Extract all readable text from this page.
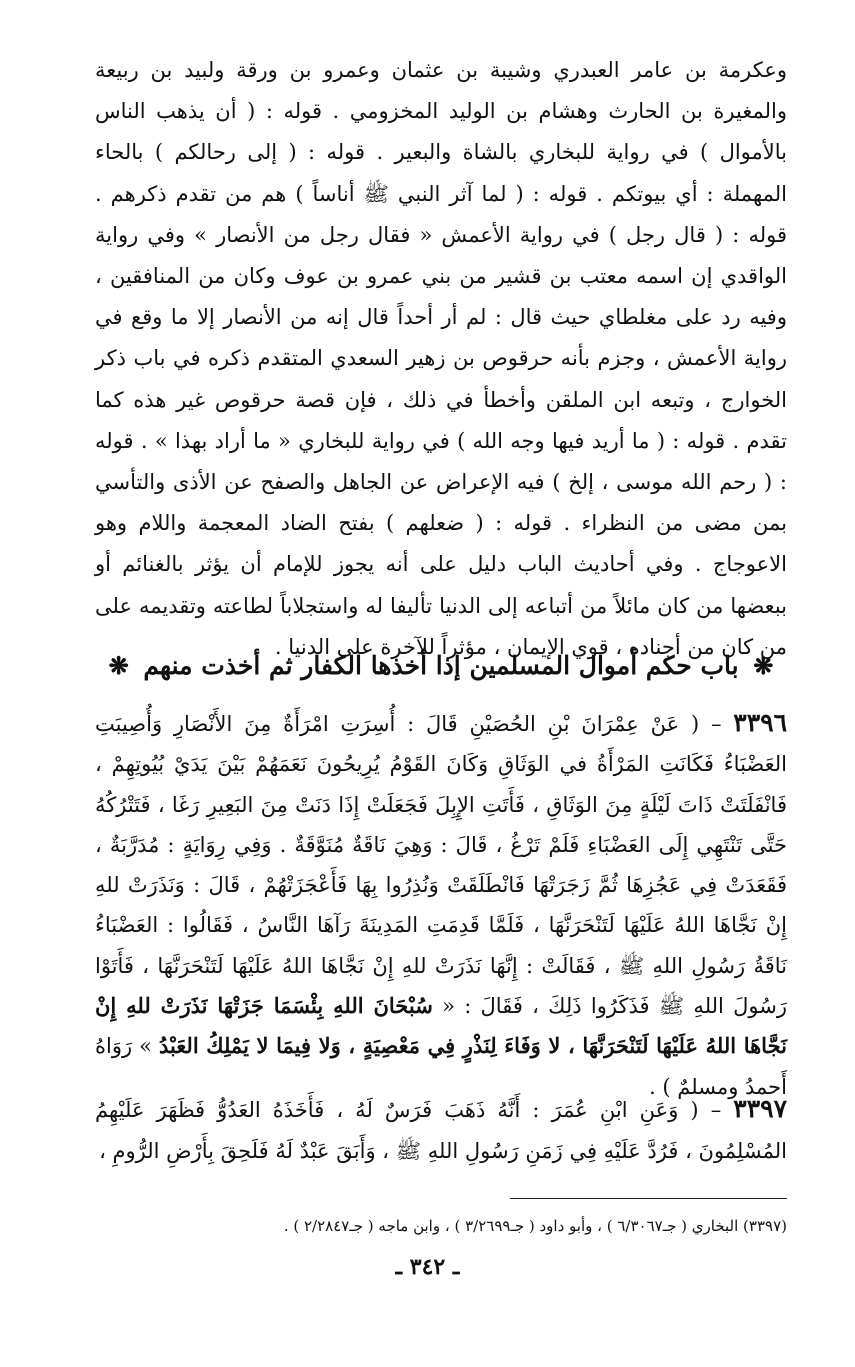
وعكرمة بن عامر العبدري وشيبة بن عثمان وعمرو بن ورقة ولبيد بن ربيعة والمغيرة بن الحارث وهشام بن الوليد المخزومي . قوله : ( أن يذهب الناس بالأموال ) في رواية للبخاري بالشاة والبعير . قوله : ( إلى رحالكم ) بالحاء المهملة : أي بيوتكم . قوله : ( لما آثر النبي ﷺ أناساً ) هم من تقدم ذكرهم . قوله : ( قال رجل ) في رواية الأعمش « فقال رجل من الأنصار » وفي رواية الواقدي إن اسمه معتب بن قشير من بني عمرو بن عوف وكان من المنافقين ، وفيه رد على مغلطاي حيث قال : لم أر أحداً قال إنه من الأنصار إلا ما وقع في رواية الأعمش ، وجزم بأنه حرقوص بن زهير السعدي المتقدم ذكره في باب ذكر الخوارج ، وتبعه ابن الملقن وأخطأ في ذلك ، فإن قصة حرقوص غير هذه كما تقدم . قوله : ( ما أريد فيها وجه الله ) في رواية للبخاري « ما أراد بهذا » . قوله : ( رحم الله موسى ، إلخ ) فيه الإعراض عن الجاهل والصفح عن الأذى والتأسي بمن مضى من النظراء . قوله : ( ضعلهم ) بفتح الضاد المعجمة واللام وهو الاعوجاج . وفي أحاديث الباب دليل على أنه يجوز للإمام أن يؤثر بالغنائم أو ببعضها من كان مائلاً من أتباعه إلى الدنيا تأليفا له واستجلاباً لطاعته وتقديمه على من كان من أجناده ، قوي الإيمان ، مؤثراً للآخرة على الدنيا .
❋ باب حكم أموال المسلمين إذا أخذها الكفار ثم أخذت منهم ❋
٣٣٩٦ – ( عَنْ عِمْرَانَ بْنِ الحُصَيْنِ قَالَ : أُسِرَتِ امْرَأَةٌ مِنَ الأَنْصَارِ وَأُصِيبَتِ العَضْبَاءُ فَكَانَتِ المَرْأَةُ في الوَثَاقِ وَكَانَ القَوْمُ يُرِيحُونَ نَعَمَهُمْ بَيْنَ يَدَيْ بُيُوتِهِمْ ، فَانْفَلَتَتْ ذَاتَ لَيْلَةٍ مِنَ الوَثَاقِ ، فَأَتَتِ الإِبِلَ فَجَعَلَتْ إِذَا دَنَتْ مِنَ البَعِيرِ رَغَا ، فَتَتْرُكُهُ حَتَّى تَنْتَهِي إِلَى العَضْبَاءِ فَلَمْ تَرْغُ ، قَالَ : وَهِيَ نَاقَةٌ مُنَوَّقَةٌ . وَفِي رِوَايَةٍ : مُدَرَّبَةٌ ، فَقَعَدَتْ فِي عَجُزِهَا ثُمَّ زَجَرَتْهَا فَانْطَلَقَتْ وَنُذِرُوا بِهَا فَأَعْجَزَتْهُمْ ، قَالَ : وَنَذَرَتْ للهِ إِنْ نَجَّاهَا اللهُ عَلَيْهَا لَتَنْحَرَنَّهَا ، فَلَمَّا قَدِمَتِ المَدِينَةَ رَآهَا النَّاسُ ، فَقَالُوا : العَضْبَاءُ نَاقَةُ رَسُولِ اللهِ ﷺ ، فَقَالَتْ : إِنَّهَا نَذَرَتْ للهِ إِنْ نَجَّاهَا اللهُ عَلَيْهَا لَتَنْحَرَنَّهَا ، فَأَتَوْا رَسُولَ اللهِ ﷺ فَذَكَرُوا ذَلِكَ ، فَقَالَ : « سُبْحَانَ اللهِ بِئْسَمَا جَزَتْهَا نَذَرَتْ للهِ إِنْ نَجَّاهَا اللهُ عَلَيْهَا لَتَنْحَرَنَّهَا ، لا وَفَاءَ لِنَذْرٍ فِي مَعْصِيَةٍ ، وَلا فِيمَا لا يَمْلِكُ العَبْدُ » رَوَاهُ أَحمدُ ومسلمٌ ) .
٣٣٩٧ – ( وَعَنِ ابْنِ عُمَرَ : أَنَّهُ ذَهَبَ فَرَسٌ لَهُ ، فَأَخَذَهُ العَدُوُّ فَظَهَرَ عَلَيْهِمُ المُسْلِمُونَ ، فَرُدَّ عَلَيْهِ فِي زَمَنِ رَسُولِ اللهِ ﷺ ، وَأَبَقَ عَبْدٌ لَهُ فَلَحِقَ بِأَرْضِ الرُّومِ ،
(٣٣٩٧) البخاري ( جـ٦/٣٠٦٧ ) ، وأبو داود ( جـ٣/٢٦٩٩ ) ، وابن ماجه ( جـ٢/٢٨٤٧ ) .
ـ ٣٤٢ ـ
